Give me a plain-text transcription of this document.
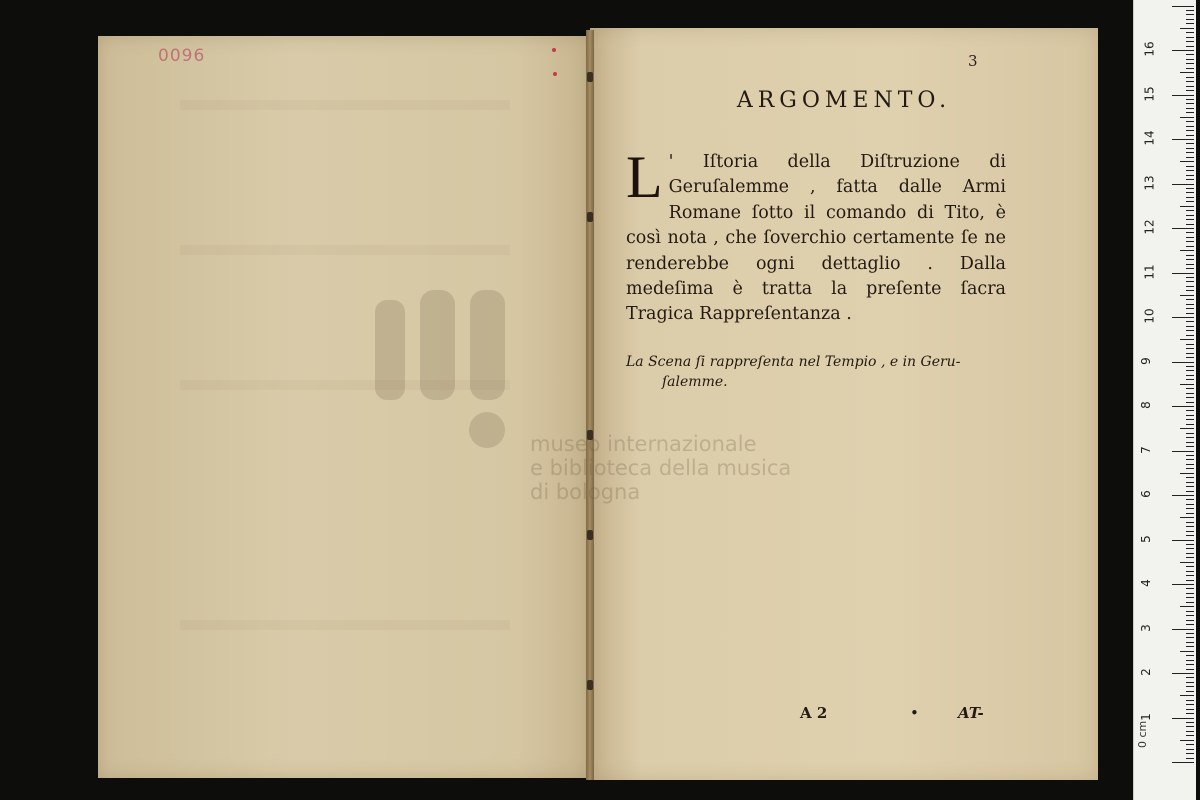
0096
museo internazionale
e biblioteca della musica
di bologna
3
ARGOMENTO.
L ' Iſtoria della Diſtruzione di Geruſalemme , fatta dalle Armi Romane ſotto il comando di Tito, è così nota , che ſoverchio certamente ſe ne renderebbe ogni dettaglio . Dalla medeſima è tratta la preſente ſacra Tragica Rappreſentanza .
La Scena ſi rappreſenta nel Tempio , e in Geru-
ſalemme.
A 2	•	AT-
0 cm
1
2
3
4
5
6
7
8
9
10
11
12
13
14
15
16
